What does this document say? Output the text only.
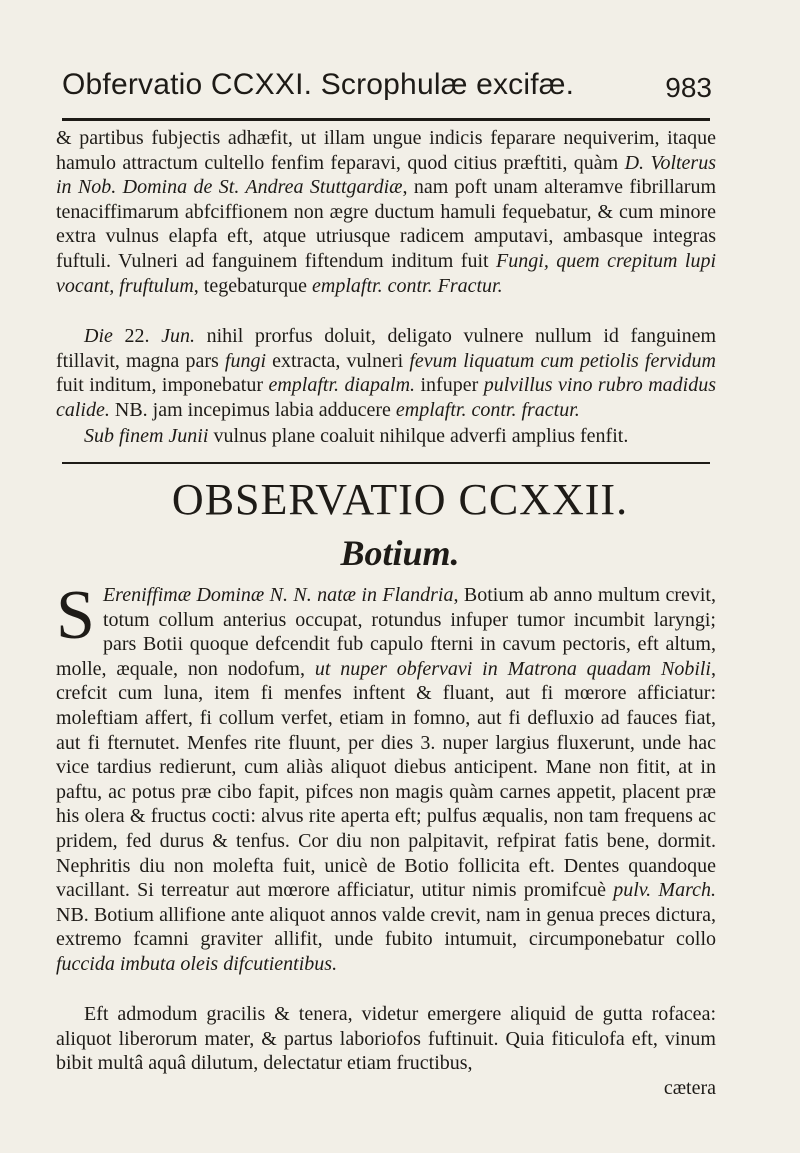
Obfervatio CCXXI. Scrophulæ excifæ.	983

& partibus fubjectis adhæfit, ut illam ungue indicis feparare nequiverim, itaque hamulo attractum cultello fenfim feparavi, quod citius præftiti, quàm D. Volterus in Nob. Domina de St. Andrea Stuttgardiæ, nam poft unam alteramve fibrillarum tenaciffimarum abfciffionem non ægre ductum hamuli fequebatur, & cum minore extra vulnus elapfa eft, atque utriusque radicem amputavi, ambasque integras fuftuli. Vulneri ad fanguinem fiftendum inditum fuit Fungi, quem crepitum lupi vocant, fruftulum, tegebaturque emplaftr. contr. Fractur.

Die 22. Jun. nihil prorfus doluit, deligato vulnere nullum id fanguinem ftillavit, magna pars fungi extracta, vulneri fevum liquatum cum petiolis fervidum fuit inditum, imponebatur emplaftr. diapalm. infuper pulvillus vino rubro madidus calide. NB. jam incepimus labia adducere emplaftr. contr. fractur.

Sub finem Junii vulnus plane coaluit nihilque adverfi amplius fenfit.

OBSERVATIO CCXXII.
Botium.

S Ereniffimæ Dominæ N. N. natæ in Flandria, Botium ab anno multum crevit, totum collum anterius occupat, rotundus infuper tumor incumbit laryngi; pars Botii quoque defcendit fub capulo fterni in cavum pectoris, eft altum, molle, æquale, non nodofum, ut nuper obfervavi in Matrona quadam Nobili, crefcit cum luna, item fi menfes inftent & fluant, aut fi mœrore afficiatur: moleftiam affert, fi collum verfet, etiam in fomno, aut fi defluxio ad fauces fiat, aut fi fternutet. Menfes rite fluunt, per dies 3. nuper largius fluxerunt, unde hac vice tardius redierunt, cum aliàs aliquot diebus anticipent. Mane non fitit, at in paftu, ac potus præ cibo fapit, pifces non magis quàm carnes appetit, placent præ his olera & fructus cocti: alvus rite aperta eft; pulfus æqualis, non tam frequens ac pridem, fed durus & tenfus. Cor diu non palpitavit, refpirat fatis bene, dormit. Nephritis diu non molefta fuit, unicè de Botio follicita eft. Dentes quandoque vacillant. Si terreatur aut mœrore afficiatur, utitur nimis promifcuè pulv. March. NB. Botium allifione ante aliquot annos valde crevit, nam in genua preces dictura, extremo fcamni graviter allifit, unde fubito intumuit, circumponebatur collo fuccida imbuta oleis difcutientibus.

Eft admodum gracilis & tenera, videtur emergere aliquid de gutta rofacea: aliquot liberorum mater, & partus laboriofos fuftinuit. Quia fiticulofa eft, vinum bibit multâ aquâ dilutum, delectatur etiam fructibus,

cætera
